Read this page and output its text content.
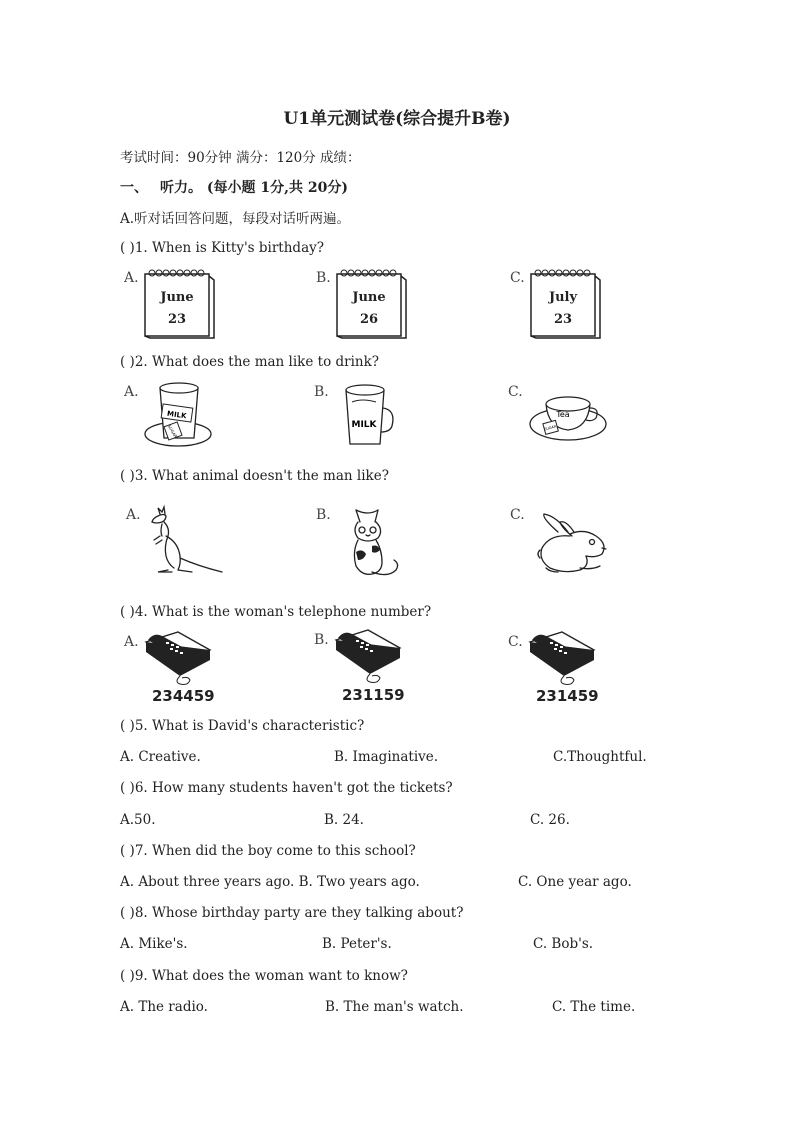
U1单元测试卷(综合提升B卷)
考试时间：90分钟 满分：120分 成绩：
一、 听力。 (每小题 1分,共 20分)
A.听对话回答问题，每段对话听两遍。
( )1. When is Kitty's birthday?
A.	B.	C.
June
23
June
26
July
23
( )2. What does the man like to drink?
A.	B.	C.
MILK
SUGAR	MILK
Tea
SUGAR
( )3. What animal doesn't the man like?
A.	B.	C.
( )4. What is the woman's telephone number?
A.	B.	C.
234459	231159	231459
( )5. What is David's characteristic?
A. Creative.	B. Imaginative.	C.Thoughtful.
( )6. How many students haven't got the tickets?
A.50.	B. 24.	C. 26.
( )7. When did the boy come to this school?
A. About three years ago. B. Two years ago.	C. One year ago.
( )8. Whose birthday party are they talking about?
A. Mike's.	B. Peter's.	C. Bob's.
( )9. What does the woman want to know?
A. The radio.	B. The man's watch.	C. The time.
